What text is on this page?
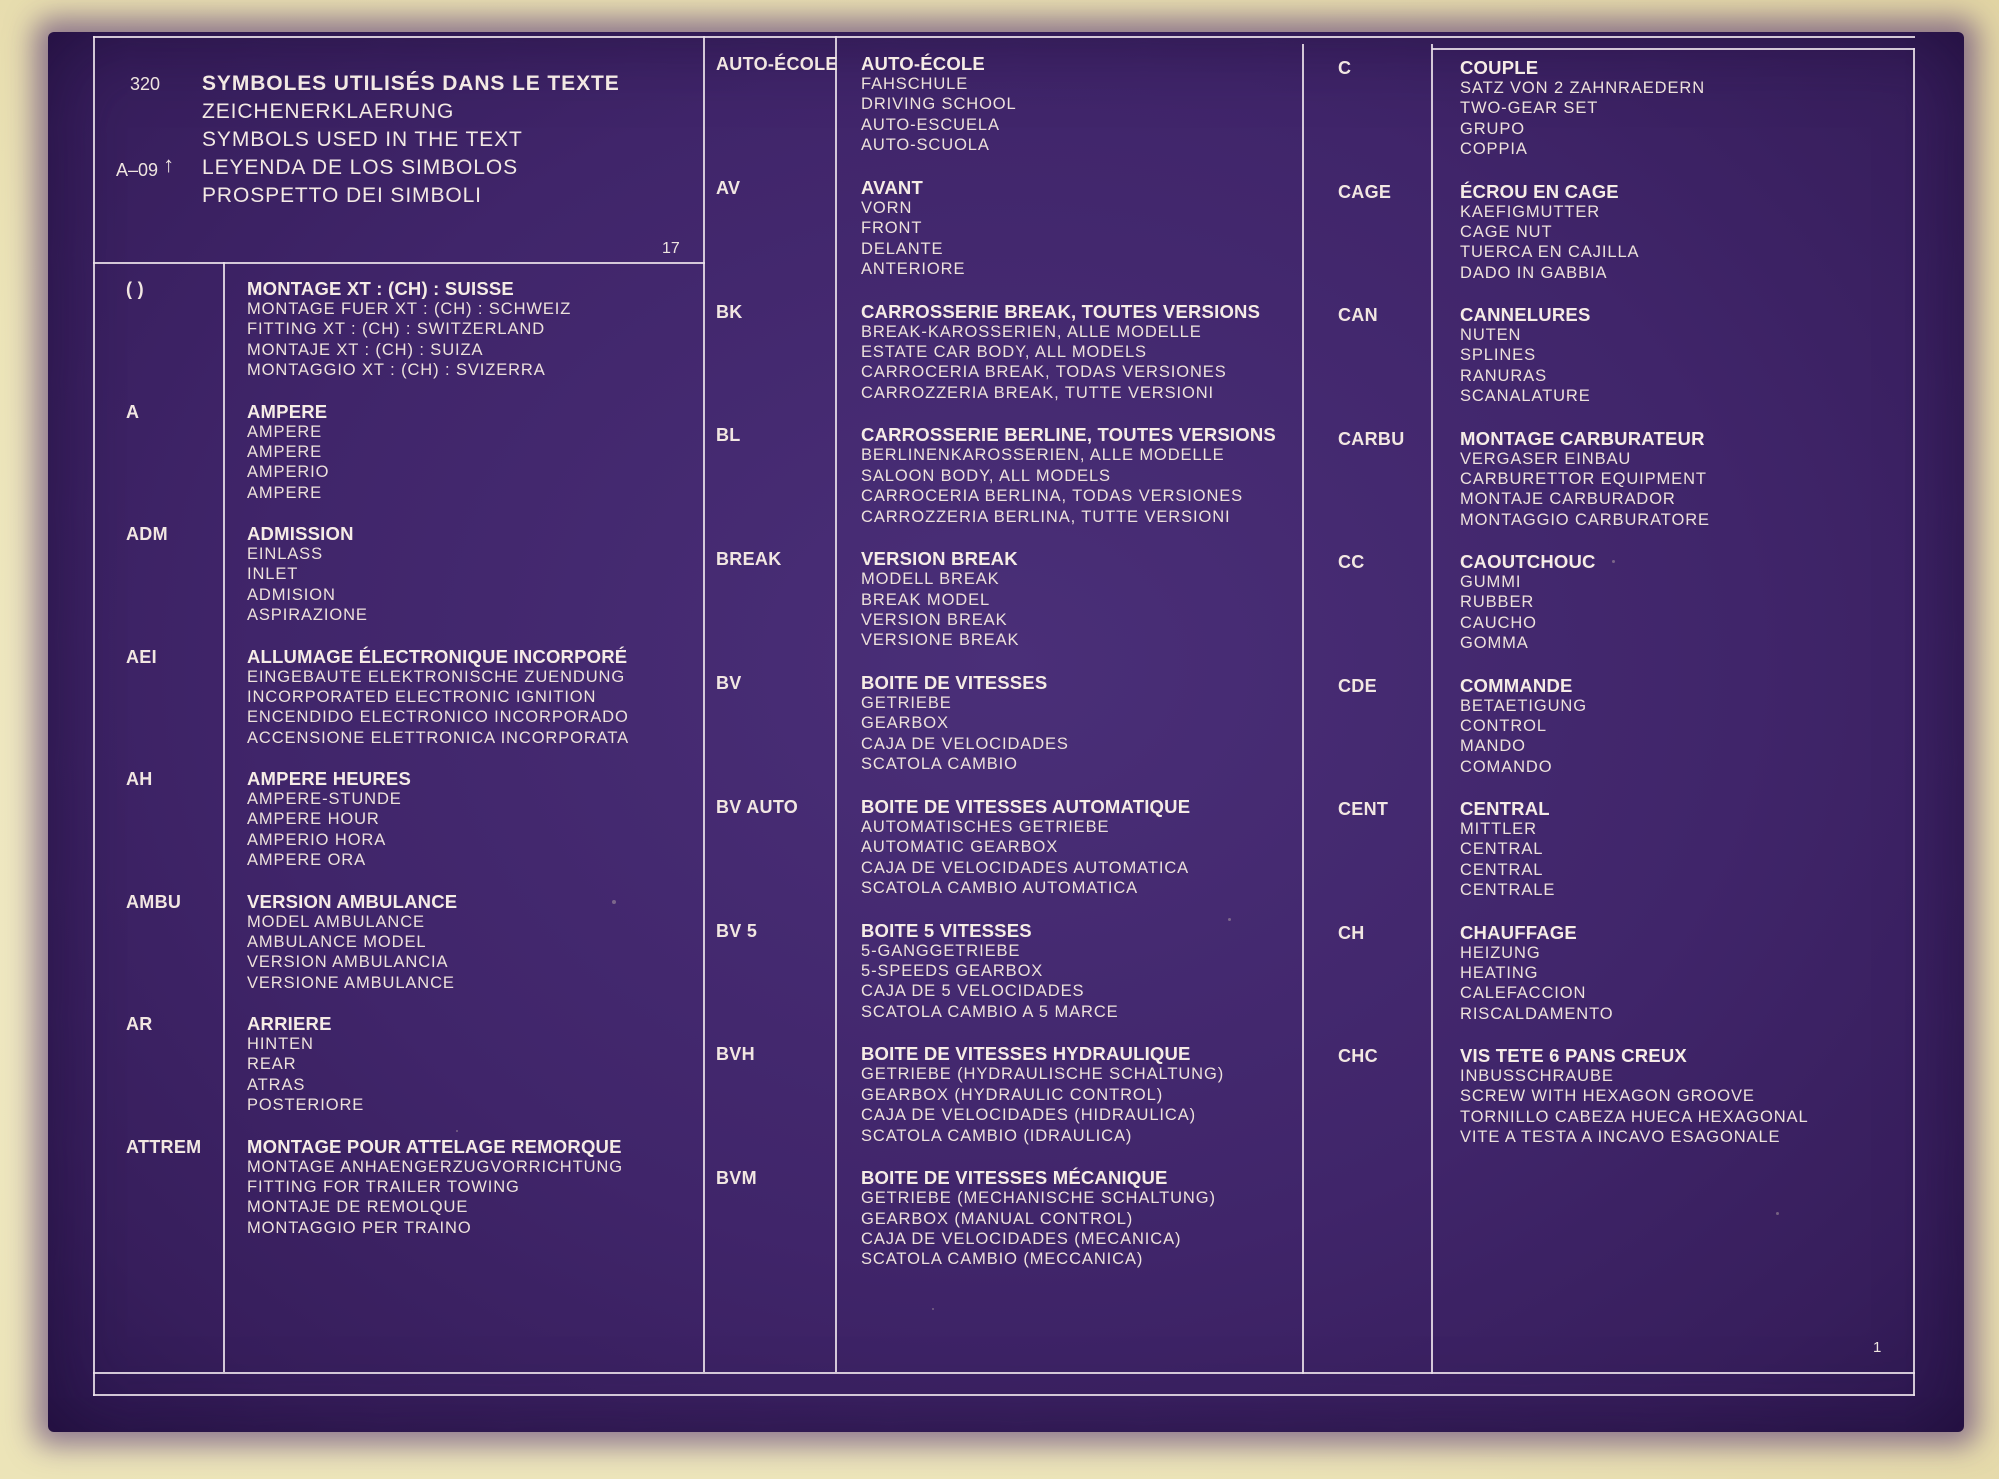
320
A–09 ↑
SYMBOLES UTILISÉS DANS LE TEXTE
ZEICHENERKLAERUNG
SYMBOLS USED IN THE TEXT
LEYENDA DE LOS SIMBOLOS
PROSPETTO DEI SIMBOLI
17
1
( )	MONTAGE XT : (CH) : SUISSE
MONTAGE FUER XT : (CH) : SCHWEIZ
FITTING XT : (CH) : SWITZERLAND
MONTAJE XT : (CH) : SUIZA
MONTAGGIO XT : (CH) : SVIZERRA
A	AMPERE
AMPERE
AMPERE
AMPERIO
AMPERE
ADM	ADMISSION
EINLASS
INLET
ADMISION
ASPIRAZIONE
AEI	ALLUMAGE ÉLECTRONIQUE INCORPORÉ
EINGEBAUTE ELEKTRONISCHE ZUENDUNG
INCORPORATED ELECTRONIC IGNITION
ENCENDIDO ELECTRONICO INCORPORADO
ACCENSIONE ELETTRONICA INCORPORATA
AH	AMPERE HEURES
AMPERE-STUNDE
AMPERE HOUR
AMPERIO HORA
AMPERE ORA
AMBU	VERSION AMBULANCE
MODEL AMBULANCE
AMBULANCE MODEL
VERSION AMBULANCIA
VERSIONE AMBULANCE
AR	ARRIERE
HINTEN
REAR
ATRAS
POSTERIORE
ATTREM MONTAGE POUR ATTELAGE REMORQUE
MONTAGE ANHAENGERZUGVORRICHTUNG
FITTING FOR TRAILER TOWING
MONTAJE DE REMOLQUE
MONTAGGIO PER TRAINO
AUTO-ÉCOLE AUTO-ÉCOLE
FAHSCHULE
DRIVING SCHOOL
AUTO-ESCUELA
AUTO-SCUOLA
AV	AVANT
VORN
FRONT
DELANTE
ANTERIORE
BK	CARROSSERIE BREAK, TOUTES VERSIONS
BREAK-KAROSSERIEN, ALLE MODELLE
ESTATE CAR BODY, ALL MODELS
CARROCERIA BREAK, TODAS VERSIONES
CARROZZERIA BREAK, TUTTE VERSIONI
BL	CARROSSERIE BERLINE, TOUTES VERSIONS
BERLINENKAROSSERIEN, ALLE MODELLE
SALOON BODY, ALL MODELS
CARROCERIA BERLINA, TODAS VERSIONES
CARROZZERIA BERLINA, TUTTE VERSIONI
BREAK	VERSION BREAK
MODELL BREAK
BREAK MODEL
VERSION BREAK
VERSIONE BREAK
BV	BOITE DE VITESSES
GETRIEBE
GEARBOX
CAJA DE VELOCIDADES
SCATOLA CAMBIO
BV AUTO	BOITE DE VITESSES AUTOMATIQUE
AUTOMATISCHES GETRIEBE
AUTOMATIC GEARBOX
CAJA DE VELOCIDADES AUTOMATICA
SCATOLA CAMBIO AUTOMATICA
BV 5	BOITE 5 VITESSES
5-GANGGETRIEBE
5-SPEEDS GEARBOX
CAJA DE 5 VELOCIDADES
SCATOLA CAMBIO A 5 MARCE
BVH	BOITE DE VITESSES HYDRAULIQUE
GETRIEBE (HYDRAULISCHE SCHALTUNG)
GEARBOX (HYDRAULIC CONTROL)
CAJA DE VELOCIDADES (HIDRAULICA)
SCATOLA CAMBIO (IDRAULICA)
BVM	BOITE DE VITESSES MÉCANIQUE
GETRIEBE (MECHANISCHE SCHALTUNG)
GEARBOX (MANUAL CONTROL)
CAJA DE VELOCIDADES (MECANICA)
SCATOLA CAMBIO (MECCANICA)
C	COUPLE
SATZ VON 2 ZAHNRAEDERN
TWO-GEAR SET
GRUPO
COPPIA
CAGE	ÉCROU EN CAGE
KAEFIGMUTTER
CAGE NUT
TUERCA EN CAJILLA
DADO IN GABBIA
CAN	CANNELURES
NUTEN
SPLINES
RANURAS
SCANALATURE
CARBU	MONTAGE CARBURATEUR
VERGASER EINBAU
CARBURETTOR EQUIPMENT
MONTAJE CARBURADOR
MONTAGGIO CARBURATORE
CC	CAOUTCHOUC
GUMMI
RUBBER
CAUCHO
GOMMA
CDE	COMMANDE
BETAETIGUNG
CONTROL
MANDO
COMANDO
CENT	CENTRAL
MITTLER
CENTRAL
CENTRAL
CENTRALE
CH	CHAUFFAGE
HEIZUNG
HEATING
CALEFACCION
RISCALDAMENTO
CHC	VIS TETE 6 PANS CREUX
INBUSSCHRAUBE
SCREW WITH HEXAGON GROOVE
TORNILLO CABEZA HUECA HEXAGONAL
VITE A TESTA A INCAVO ESAGONALE
